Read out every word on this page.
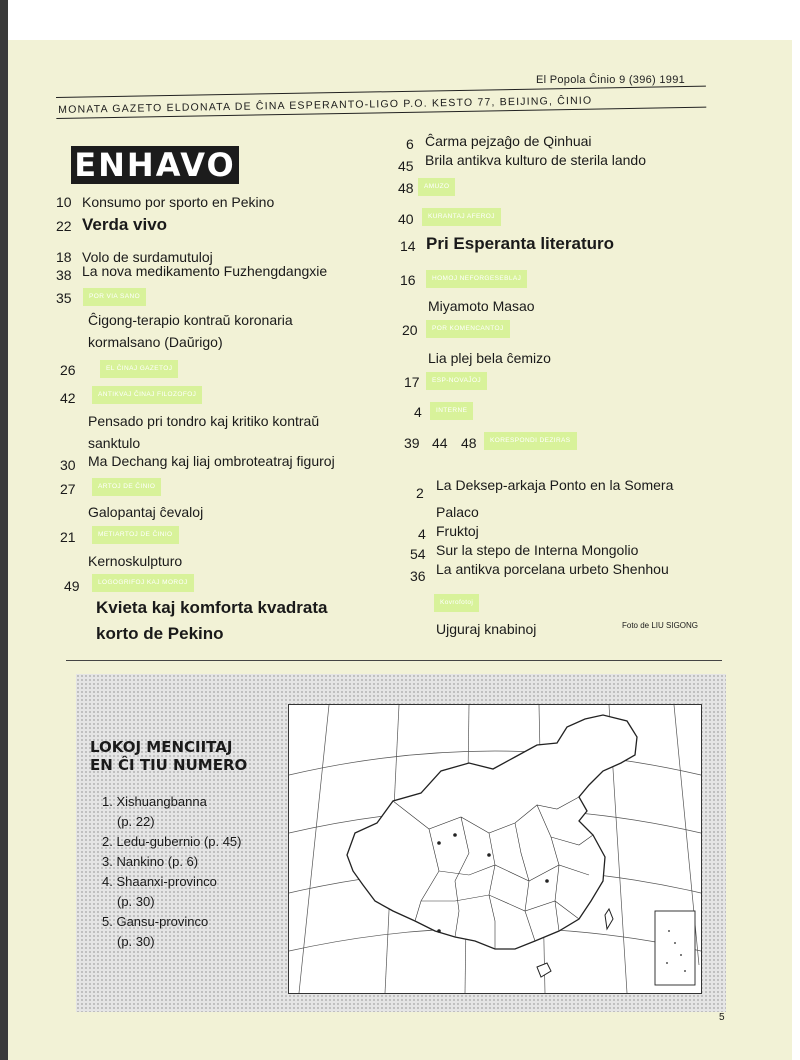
El Popola Ĉinio 9 (396) 1991
MONATA GAZETO ELDONATA DE ĈINA ESPERANTO-LIGO P.O. KESTO 77, BEIJING, ĈINIO
ENHAVO
10 Konsumo por sporto en Pekino
22 Verda vivo
18 Volo de surdamutuloj
38 La nova medikamento Fuzhengdangxie
35	POR VIA SANO
Ĉigong-terapio kontraŭ koronaria
kormalsano (Daŭrigo)
26	EL ĈINAJ GAZETOJ
42	ANTIKVAJ ĈINAJ FILOZOFOJ
Pensado pri tondro kaj kritiko kontraŭ
sanktulo
30 Ma Dechang kaj liaj ombroteatraj figuroj
27	ARTOJ DE ĈINIO
Galopantaj ĉevaloj
21	METIARTOJ DE ĈINIO
Kernoskulpturo
49	LOGOGRIFOJ KAJ MOROJ
Kvieta kaj komforta kvadrata
korto de Pekino
6 Ĉarma pejzaĝo de Qinhuai
45 Brila antikva kulturo de sterila lando
48	AMUZO
40	KURANTAJ AFEROJ
14 Pri Esperanta literaturo
16	HOMOJ NEFORGESEBLAJ
Miyamoto Masao
20	POR KOMENCANTOJ
Lia plej bela ĉemizo
17	ESP-NOVAĴOJ
4	INTERNE
39 44 48	KORESPONDI DEZIRAS
2 La Deksep-arkaja Ponto en la Somera
Palaco
4 Fruktoj
54 Sur la stepo de Interna Mongolio
36 La antikva porcelana urbeto Shenhou
Kovrofotoj
Ujguraj knabinoj	Foto de LIU SIGONG
LOKOJ MENCIITAJ
EN ĈI TIU NUMERO
1. Xishuangbanna
(p. 22)
2. Ledu-gubernio (p. 45)
3. Nankino (p. 6)
4. Shaanxi-provinco
(p. 30)
5. Gansu-provinco
(p. 30)
5
